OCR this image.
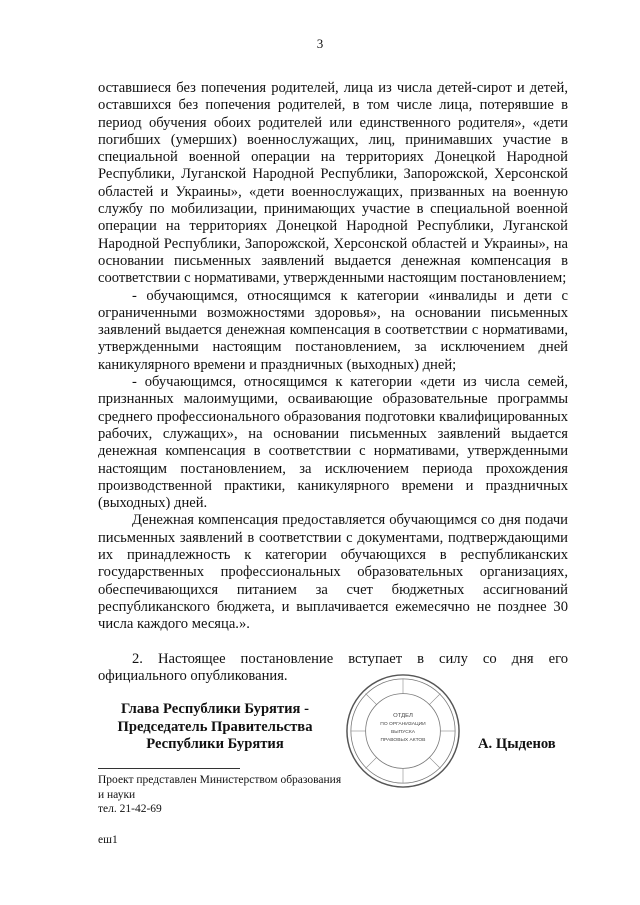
3

оставшиеся без попечения родителей, лица из числа детей-сирот и детей, оставшихся без попечения родителей, в том числе лица, потерявшие в период обучения обоих родителей или единственного родителя», «дети погибших (умерших) военнослужащих, лиц, принимавших участие в специальной военной операции на территориях Донецкой Народной Республики, Луганской Народной Республики, Запорожской, Херсонской областей и Украины», «дети военнослужащих, призванных на военную службу по мобилизации, принимающих участие в специальной военной операции на территориях Донецкой Народной Республики, Луганской Народной Республики, Запорожской, Херсонской областей и Украины», на основании письменных заявлений выдается денежная компенсация в соответствии с нормативами, утвержденными настоящим постановлением;

- обучающимся, относящимся к категории «инвалиды и дети с ограниченными возможностями здоровья», на основании письменных заявлений выдается денежная компенсация в соответствии с нормативами, утвержденными настоящим постановлением, за исключением дней каникулярного времени и праздничных (выходных) дней;

- обучающимся, относящимся к категории «дети из числа семей, признанных малоимущими, осваивающие образовательные программы среднего профессионального образования подготовки квалифицированных рабочих, служащих», на основании письменных заявлений выдается денежная компенсация в соответствии с нормативами, утвержденными настоящим постановлением, за исключением периода прохождения производственной практики, каникулярного времени и праздничных (выходных) дней.

Денежная компенсация предоставляется обучающимся со дня подачи письменных заявлений в соответствии с документами, подтверждающими их принадлежность к категории обучающихся в республиканских государственных профессиональных образовательных организациях, обеспечивающихся питанием за счет бюджетных ассигнований республиканского бюджета, и выплачивается ежемесячно не позднее 30 числа каждого месяца.».

2. Настоящее постановление вступает в силу со дня его официального опубликования.

Глава Республики Бурятия -
Председатель Правительства
Республики Бурятия
ОТДЕЛ
ПО ОРГАНИЗАЦИИ
ВЫПУСКА
ПРАВОВЫХ АКТОВ	А. Цыденов
Проект представлен Министерством образования
и науки
тел. 21-42-69
еш1
